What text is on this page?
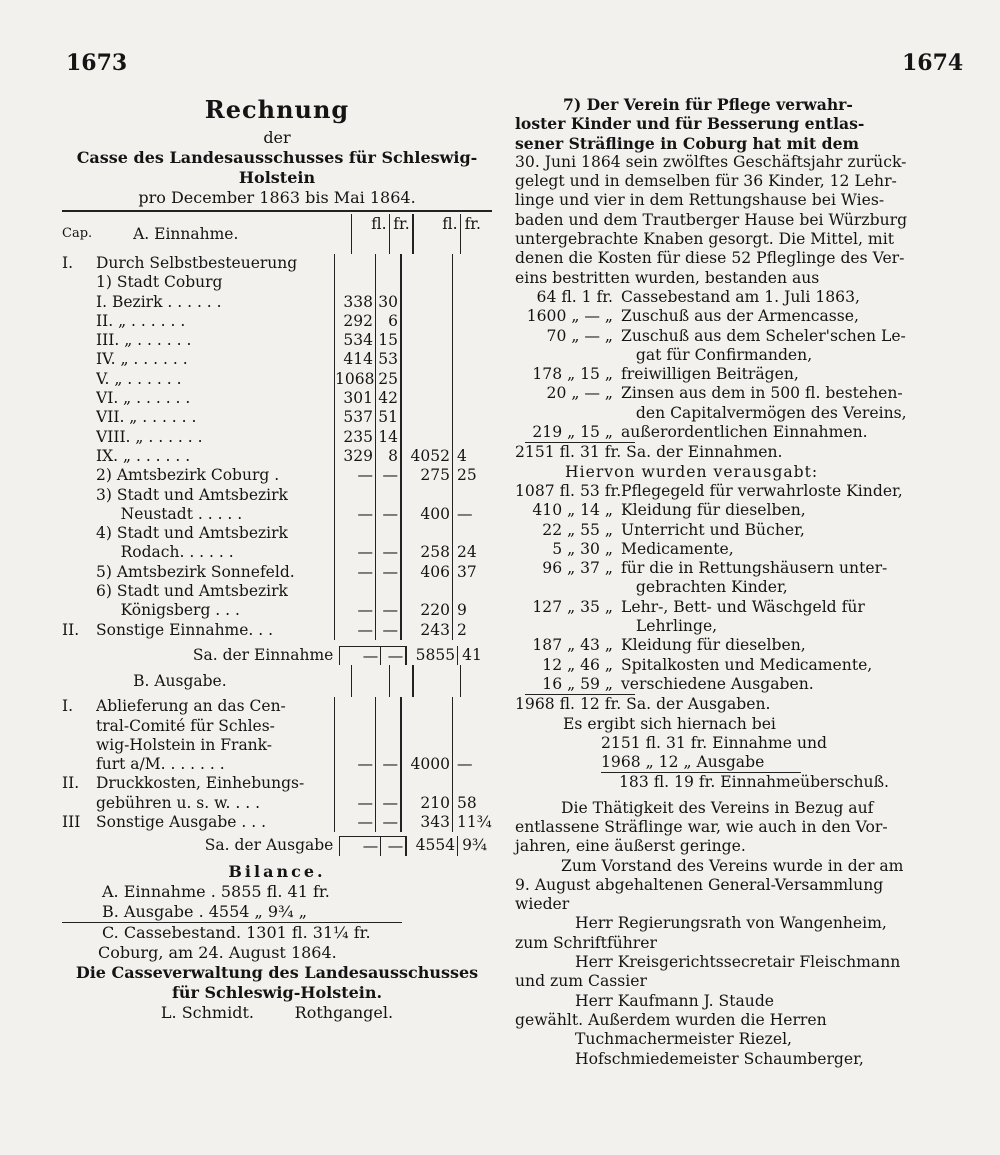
1673	1674
Rechnung
der
Casse des Landesausschusses für Schleswig-Holstein
pro December 1863 bis Mai 1864.
Cap.	A. Einnahme.
fl. fr.	fl. fr.
I.	Durch Selbstbesteuerung
1) Stadt Coburg
I. Bezirk . . . . . .	338 30
II. „ . . . . . .	292 6
III. „ . . . . . .	534 15
IV. „ . . . . . .	414 53
V. „ . . . . . .	1068 25
VI. „ . . . . . .	301 42
VII. „ . . . . . .	537 51
VIII. „ . . . . . .	235 14
IX. „ . . . . . .	329 8 4052 4
2) Amtsbezirk Coburg .	— —	275 25
3) Stadt und Amtsbezirk
Neustadt . . . . .	— —	400 —
4) Stadt und Amtsbezirk
Rodach. . . . . .	— —	258 24
5) Amtsbezirk Sonnefeld.	— —	406 37
6) Stadt und Amtsbezirk
Königsberg . . .	— —	220 9
II.	Sonstige Einnahme. . .	— —	243 2
Sa. der Einnahme	— — 5855 41
B. Ausgabe.
I.	Ablieferung an das Cen-
tral-Comité für Schles-
wig-Holstein in Frank-
furt a/M. . . . . . .	— — 4000 —
II.	Druckkosten, Einhebungs-
gebühren u. s. w. . . .	— —	210 58
III	Sonstige Ausgabe . . .	— —	343 11¾
Sa. der Ausgabe	— — 4554 9¾
Bilance.
A. Einnahme . 5855 fl. 41 fr.
B. Ausgabe . 4554 „ 9¾ „
C. Cassebestand. 1301 fl. 31¼ fr.
Coburg, am 24. August 1864.
Die Casseverwaltung des Landesausschusses
für Schleswig-Holstein.
L. Schmidt.        Rothgangel.
7) Der Verein für Pflege verwahr-
loster Kinder und für Besserung entlas-
sener Sträflinge in Coburg hat mit dem
30. Juni 1864 sein zwölftes Geschäftsjahr zurück-
gelegt und in demselben für 36 Kinder, 12 Lehr-
linge und vier in dem Rettungshause bei Wies-
baden und dem Trautberger Hause bei Würzburg
untergebrachte Knaben gesorgt. Die Mittel, mit
denen die Kosten für diese 52 Pfleglinge des Ver-
eins bestritten wurden, bestanden aus
64 fl. 1 fr. Cassebestand am 1. Juli 1863,
1600 „ — „ Zuschuß aus der Armencasse,
70 „ — „ Zuschuß aus dem Scheler'schen Le-
gat für Confirmanden,
178 „ 15 „ freiwilligen Beiträgen,
20 „ — „ Zinsen aus dem in 500 fl. bestehen-
den Capitalvermögen des Vereins,
219 „ 15 „ außerordentlichen Einnahmen.
2151 fl. 31 fr. Sa. der Einnahmen.
Hiervon wurden verausgabt:
1087 fl. 53 fr. Pflegegeld für verwahrloste Kinder,
410 „ 14 „ Kleidung für dieselben,
22 „ 55 „ Unterricht und Bücher,
5 „ 30 „ Medicamente,
96 „ 37 „ für die in Rettungshäusern unter-
gebrachten Kinder,
127 „ 35 „ Lehr-, Bett- und Wäschgeld für
Lehrlinge,
187 „ 43 „ Kleidung für dieselben,
12 „ 46 „ Spitalkosten und Medicamente,
16 „ 59 „ verschiedene Ausgaben.
1968 fl. 12 fr. Sa. der Ausgaben.
Es ergibt sich hiernach bei
2151 fl. 31 fr. Einnahme und
1968 „ 12 „ Ausgabe
183 fl. 19 fr. Einnahmeüberschuß.
Die Thätigkeit des Vereins in Bezug auf
entlassene Sträflinge war, wie auch in den Vor-
jahren, eine äußerst geringe.
Zum Vorstand des Vereins wurde in der am
9. August abgehaltenen General-Versammlung
wieder
Herr Regierungsrath von Wangenheim,
zum Schriftführer
Herr Kreisgerichtssecretair Fleischmann
und zum Cassier
Herr Kaufmann J. Staude
gewählt. Außerdem wurden die Herren
Tuchmachermeister Riezel,
Hofschmiedemeister Schaumberger,
